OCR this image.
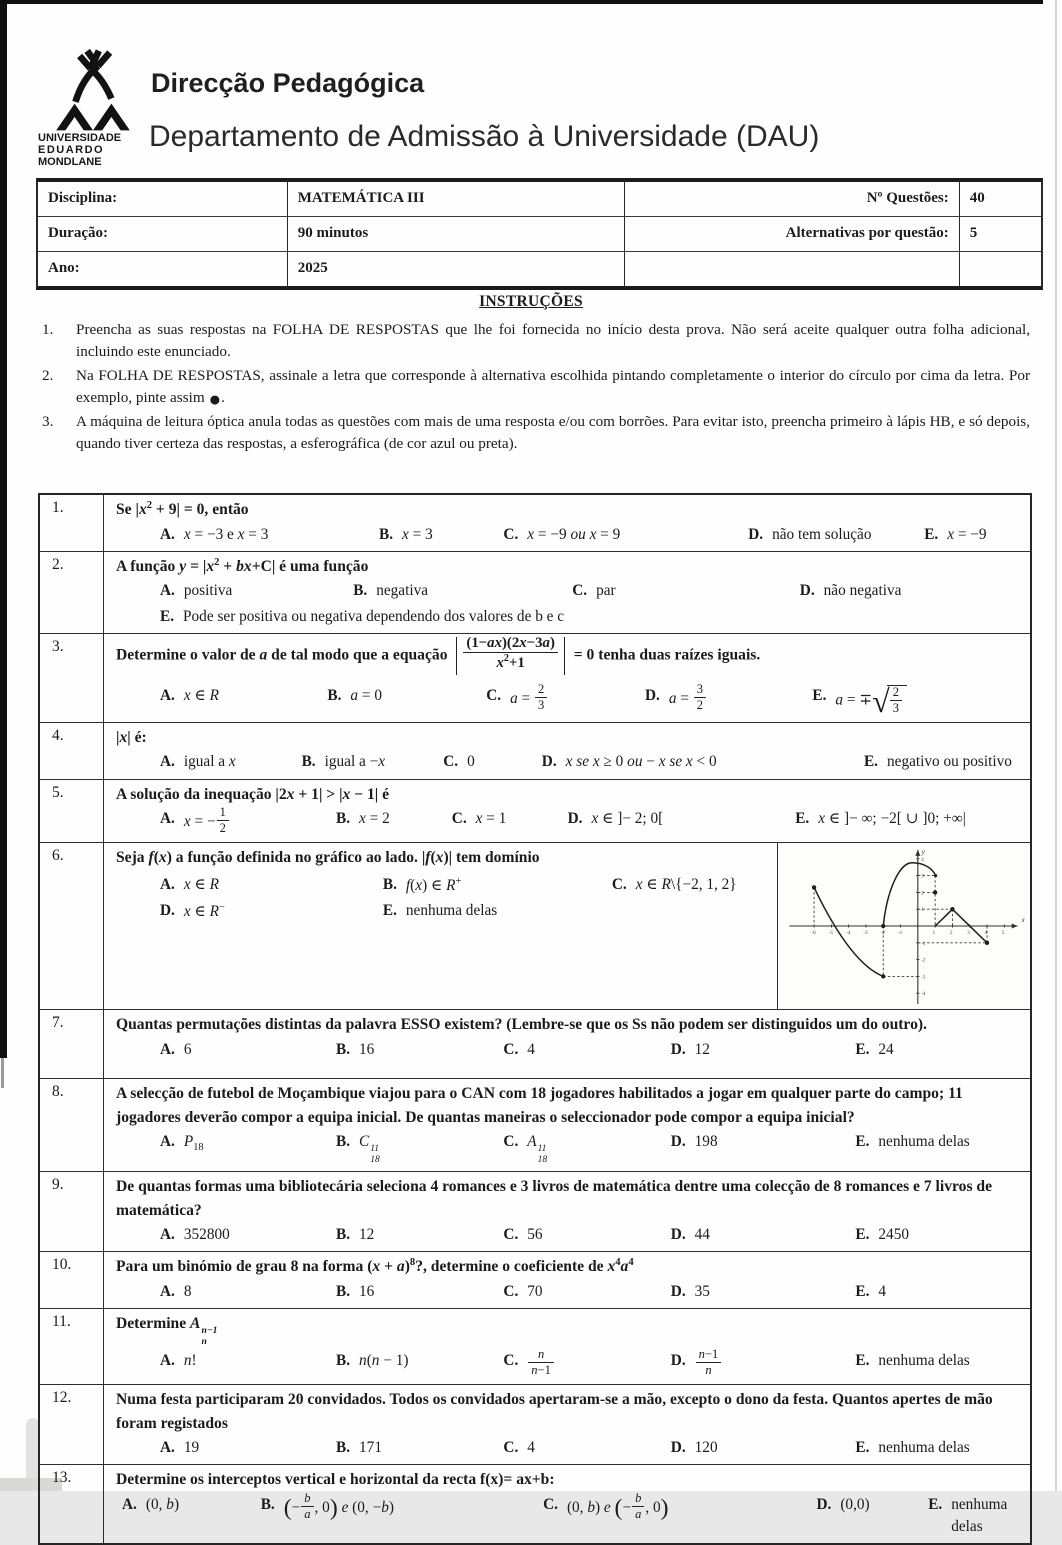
UNIVERSIDADE
EDUARDO
MONDLANE
Direcção Pedagógica
Departamento de Admissão à Universidade (DAU)
Disciplina:	MATEMÁTICA III	Nº Questões:	40
Duração:	90 minutos	Alternativas por questão:	5
Ano:	2025
INSTRUÇÕES
1.	Preencha as suas respostas na FOLHA DE RESPOSTAS que lhe foi fornecida no início desta prova. Não será aceite qualquer outra folha adicional, incluindo este enunciado.
2.	Na FOLHA DE RESPOSTAS, assinale a letra que corresponde à alternativa escolhida pintando completamente o interior do círculo por cima da letra. Por exemplo, pinte assim ●.
3.	A máquina de leitura óptica anula todas as questões com mais de uma resposta e/ou com borrões. Para evitar isto, preencha primeiro à lápis HB, e só depois, quando tiver certeza das respostas, a esferográfica (de cor azul ou preta).
1.	Se $|x^2 + 9| = 0$, então
A. x = −3 e x = 3	B. x = 3	C. x = −9 ou x = 9	D. não tem solução	E. x = −9
2.	A função $y = |x^2 + bx+C|$ é uma função
A. positiva	B. negativa	C. par	D. não negativa
E. Pode ser positiva ou negativa dependendo dos valores de b e c
3.
Determine o valor de a de tal modo que a equação
(1−ax)(2x−3a)
$x^2+1$	= 0 tenha duas raízes iguais.
A. x ∈ R	B. a = 0	C. $a = \frac{2}{3}$	D. $a = \frac{3}{2}$	E. a = ∓ √ 2
3
4.	|x| é:
A. igual a x	B. igual a −x	C. 0	D. x se x ≥ 0 ou − x se x < 0	E. negativo ou positivo
5.	A solução da inequação |2x + 1| > |x − 1| é
A. x = − $\frac{1}{2}$	B. x = 2	C. x = 1	D. x ∈ ]− 2; 0[	E. x ∈ ]− ∞; −2[ ∪ ]0; +∞|
6.	Seja f(x) a função definida no gráfico ao lado. |f(x)| tem domínio
A. x ∈ R	B. f(x) ∈ R+	C. x ∈ R\{−2, 1, 2}
D. x ∈ R−	E. nenhuma delas
x
y
-6	-5	-4	-3	-2	-1	1	2	3	4	5
-4
-3
-2
-1
1
2
3
4
7.	Quantas permutações distintas da palavra ESSO existem? (Lembre-se que os Ss não podem ser distinguidos um do outro).
A. 6	B. 16	C. 4	D. 12	E. 24
8.	A selecção de futebol de Moçambique viajou para o CAN com 18 jogadores habilitados a jogar em qualquer parte do campo; 11 jogadores deverão compor a equipa inicial. De quantas maneiras o seleccionador pode compor a equipa inicial?
A. $P_{18}$	B. C 11
18
C. A 11
18
D. 198	E. nenhuma delas
9.	De quantas formas uma bibliotecária seleciona 4 romances e 3 livros de matemática dentre uma colecção de 8 romances e 7 livros de matemática?
A. 352800	B. 12	C. 56	D. 44	E. 2450
10.	Para um binómio de grau 8 na forma $(x + a)^8$?, determine o coeficiente de $x^4a^4$
A. 8	B. 16	C. 70	D. 35	E. 4
11.	Determine A n−1
n
A. n!	B. n(n − 1)	C. $\frac{n}{n-1}$	D. $\frac{n-1}{n}$	E. nenhuma delas
12.	Numa festa participaram 20 convidados. Todos os convidados apertaram-se a mão, excepto o dono da festa. Quantos apertes de mão foram registados
A. 19	B. 171	C. 4	D. 120	E. nenhuma delas
13.	Determine os interceptos vertical e horizontal da recta f(x)= ax+b:
A. (0, b)	B. (− $\frac{b}{a}$ , 0) e (0, −b)	C. (0, b) e (− $\frac{b}{a}$ , 0)	D. (0,0)	E. nenhuma
delas
